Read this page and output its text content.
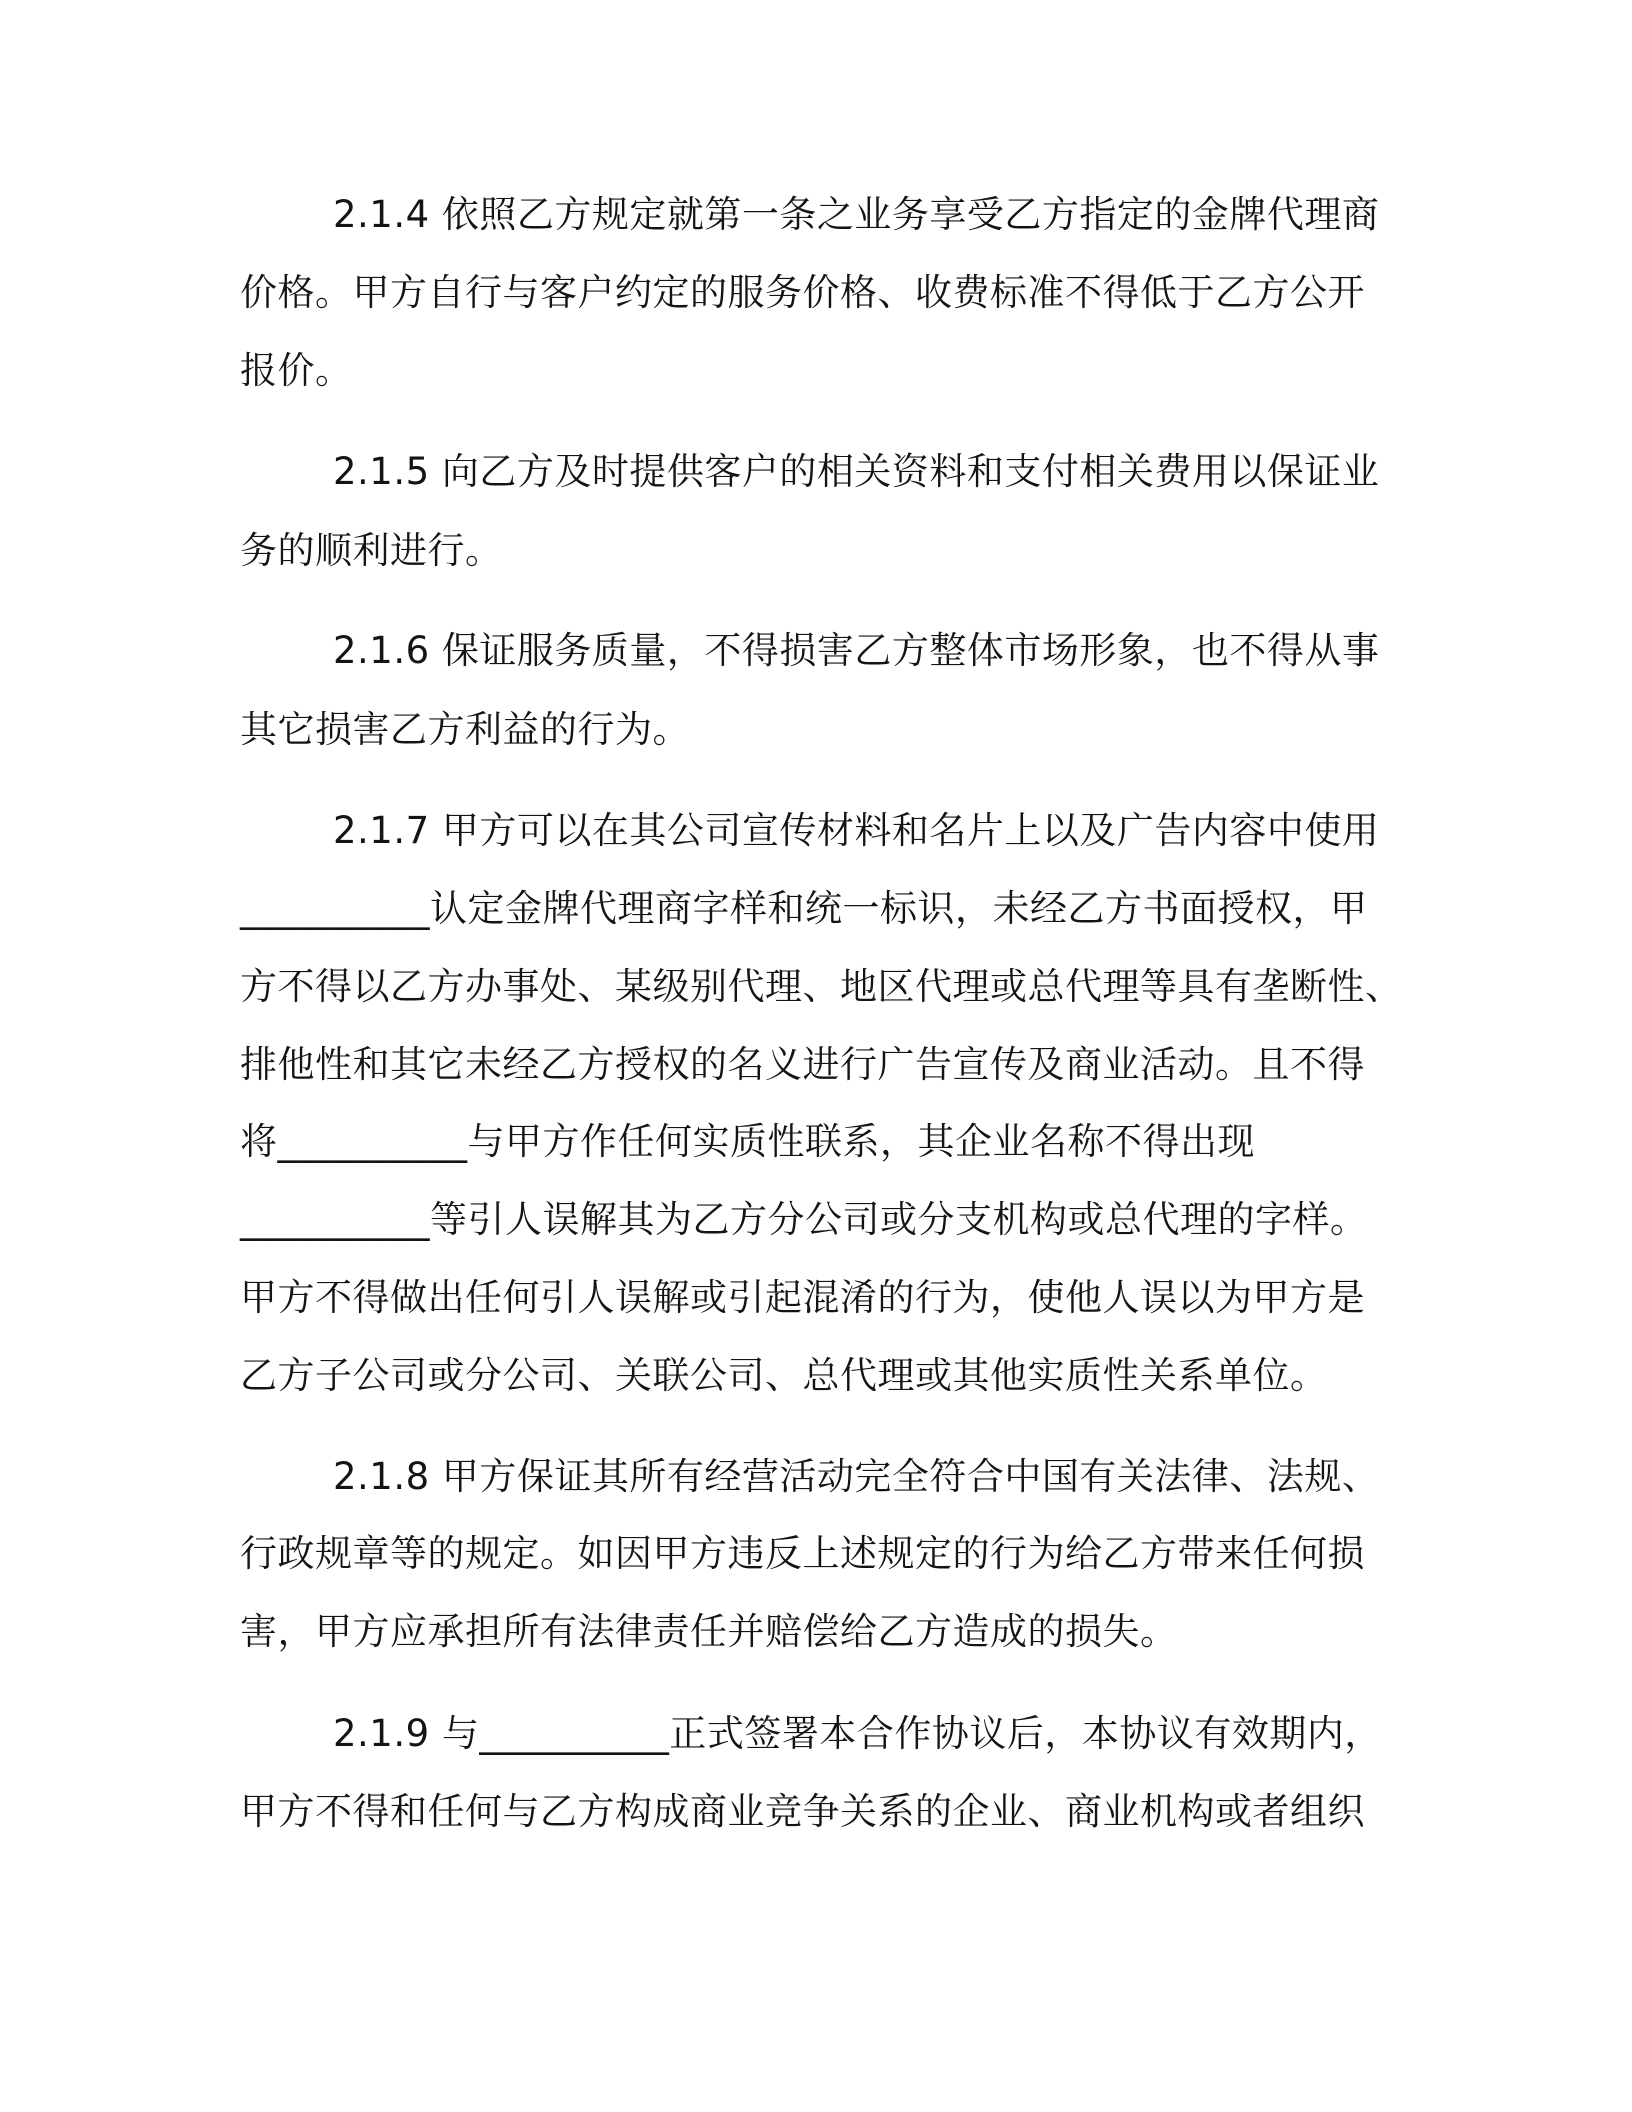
2.1.4 依照乙方规定就第一条之业务享受乙方指定的金牌代理商

价格。甲方自行与客户约定的服务价格、收费标准不得低于乙方公开

报价。

2.1.5 向乙方及时提供客户的相关资料和支付相关费用以保证业

务的顺利进行。

2.1.6 保证服务质量，不得损害乙方整体市场形象，也不得从事

其它损害乙方利益的行为。

2.1.7 甲方可以在其公司宣传材料和名片上以及广告内容中使用

__________认定金牌代理商字样和统一标识，未经乙方书面授权，甲

方不得以乙方办事处、某级别代理、地区代理或总代理等具有垄断性、

排他性和其它未经乙方授权的名义进行广告宣传及商业活动。且不得

将__________与甲方作任何实质性联系，其企业名称不得出现

__________等引人误解其为乙方分公司或分支机构或总代理的字样。

甲方不得做出任何引人误解或引起混淆的行为，使他人误以为甲方是

乙方子公司或分公司、关联公司、总代理或其他实质性关系单位。

2.1.8 甲方保证其所有经营活动完全符合中国有关法律、法规、

行政规章等的规定。如因甲方违反上述规定的行为给乙方带来任何损

害，甲方应承担所有法律责任并赔偿给乙方造成的损失。

2.1.9 与__________正式签署本合作协议后，本协议有效期内，

甲方不得和任何与乙方构成商业竞争关系的企业、商业机构或者组织
